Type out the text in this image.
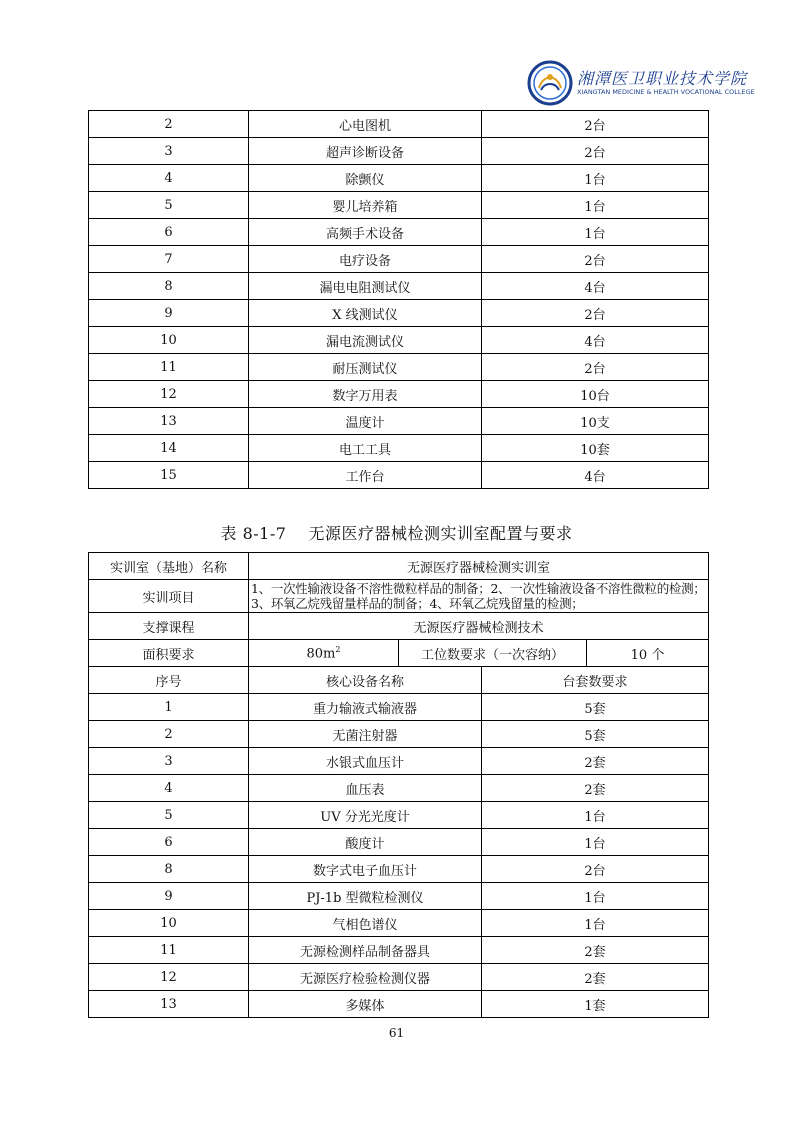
湘潭医卫职业技术学院
XIANGTAN MEDICINE & HEALTH VOCATIONAL COLLEGE
2	心电图机	2台
3	超声诊断设备	2台
4	除颤仪	1台
5	婴儿培养箱	1台
6	高频手术设备	1台
7	电疗设备	2台
8	漏电电阻测试仪	4台
9	X 线测试仪	2台
10	漏电流测试仪	4台
11	耐压测试仪	2台
12	数字万用表	10台
13	温度计	10支
14	电工工具	10套
15	工作台	4台
表 8-1-7　 无源医疗器械检测实训室配置与要求
实训室（基地）名称	无源医疗器械检测实训室			
实训项目	1、一次性输液设备不溶性微粒样品的制备；2、一次性输液设备不溶性微粒的检测；3、环氧乙烷残留量样品的制备；4、环氧乙烷残留量的检测；			
支撑课程	无源医疗器械检测技术			
面积要求	$80m^2$	工位数要求（一次容纳）		10 个
序号	核心设备名称		台套数要求	
1	重力输液式输液器		5套	
2	无菌注射器		5套	
3	水银式血压计		2套	
4	血压表		2套	
5	UV 分光光度计		1台	
6	酸度计		1台	
8	数字式电子血压计		2台	
9	PJ-1b 型微粒检测仪		1台	
10	气相色谱仪		1台	
11	无源检测样品制备器具		2套	
12	无源医疗检验检测仪器		2套	
13	多媒体		1套	
61
